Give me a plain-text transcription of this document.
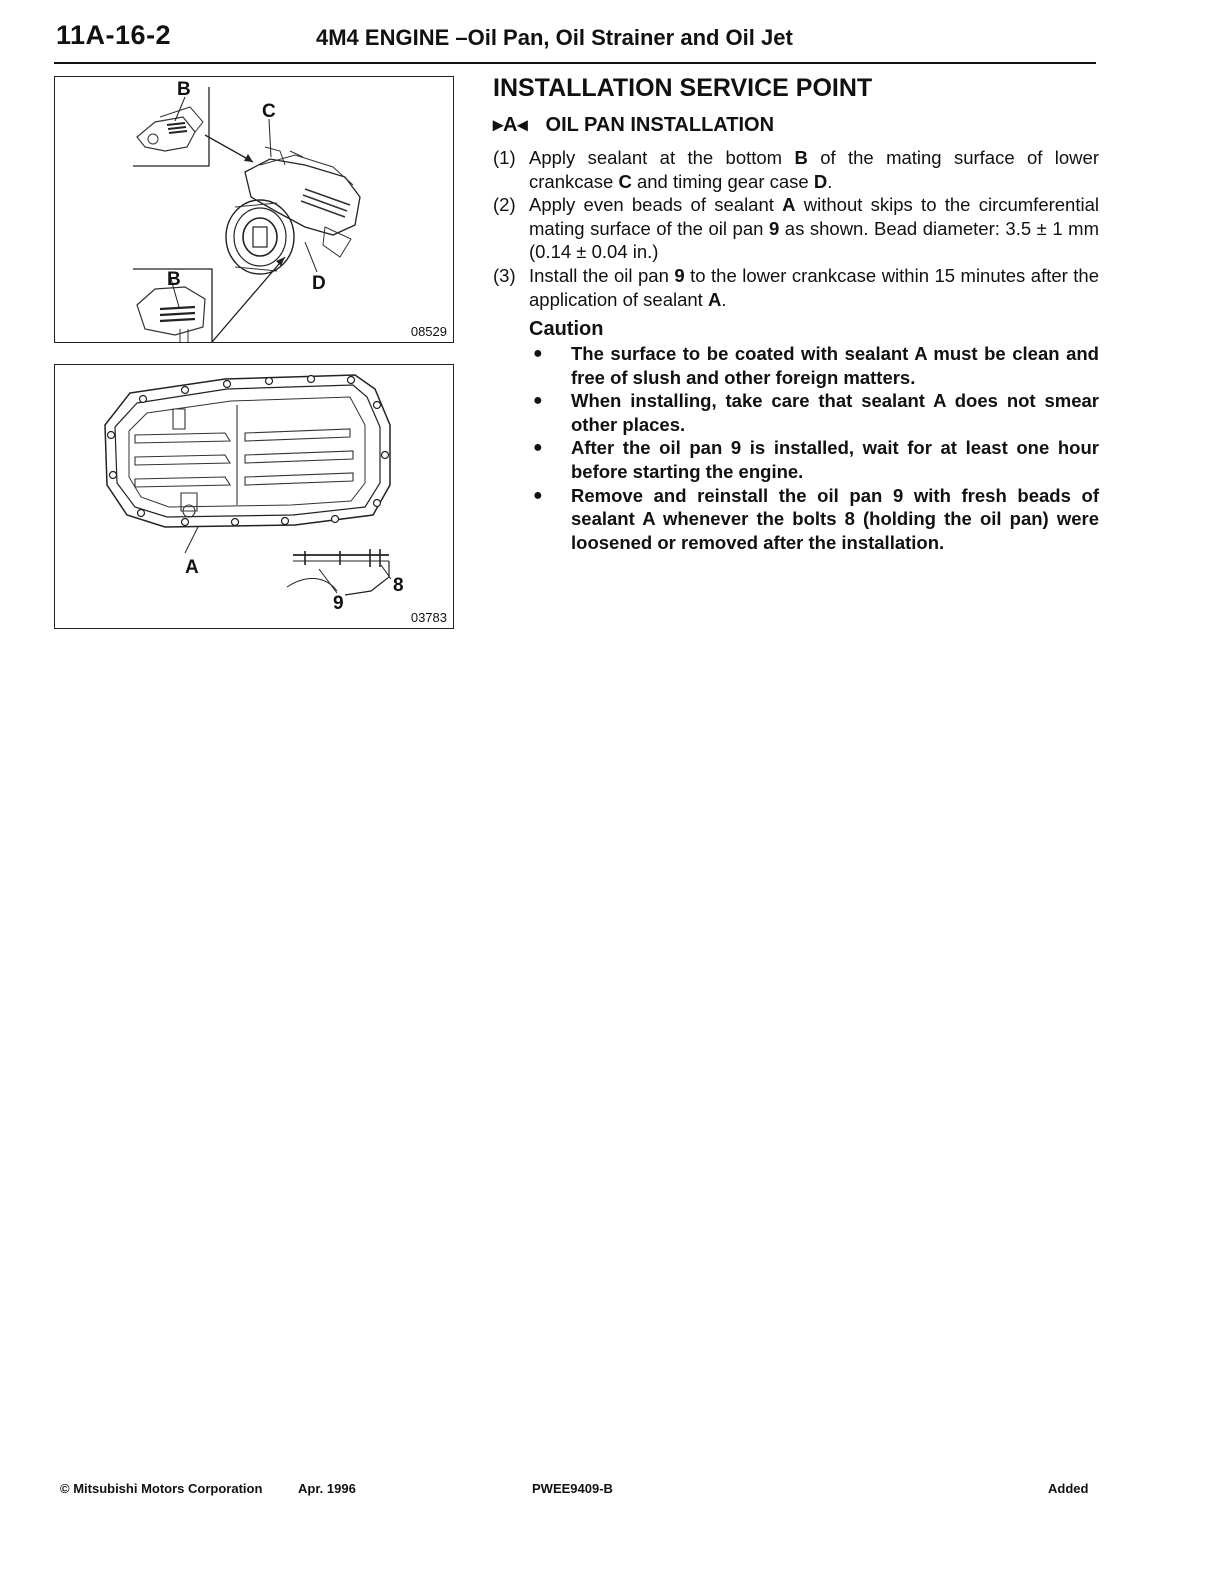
11A-16-2	4M4 ENGINE –Oil Pan, Oil Strainer and Oil Jet
B
C
B	D
08529
A
8
9
03783
INSTALLATION SERVICE POINT
▸A◂ OIL PAN INSTALLATION
(1) Apply sealant at the bottom B of the mating surface of lower crankcase C and timing gear case D.
(2) Apply even beads of sealant A without skips to the circumferential mating surface of the oil pan 9 as shown. Bead diameter: 3.5 ± 1 mm (0.14 ± 0.04 in.)
(3) Install the oil pan 9 to the lower crankcase within 15 minutes after the application of sealant A.
Caution
●	The surface to be coated with sealant A must be clean and free of slush and other foreign matters.
●	When installing, take care that sealant A does not smear other places.
●	After the oil pan 9 is installed, wait for at least one hour before starting the engine.
●	Remove and reinstall the oil pan 9 with fresh beads of sealant A whenever the bolts 8 (holding the oil pan) were loosened or removed after the installation.
© Mitsubishi Motors Corporation	Apr. 1996	PWEE9409-B	Added
